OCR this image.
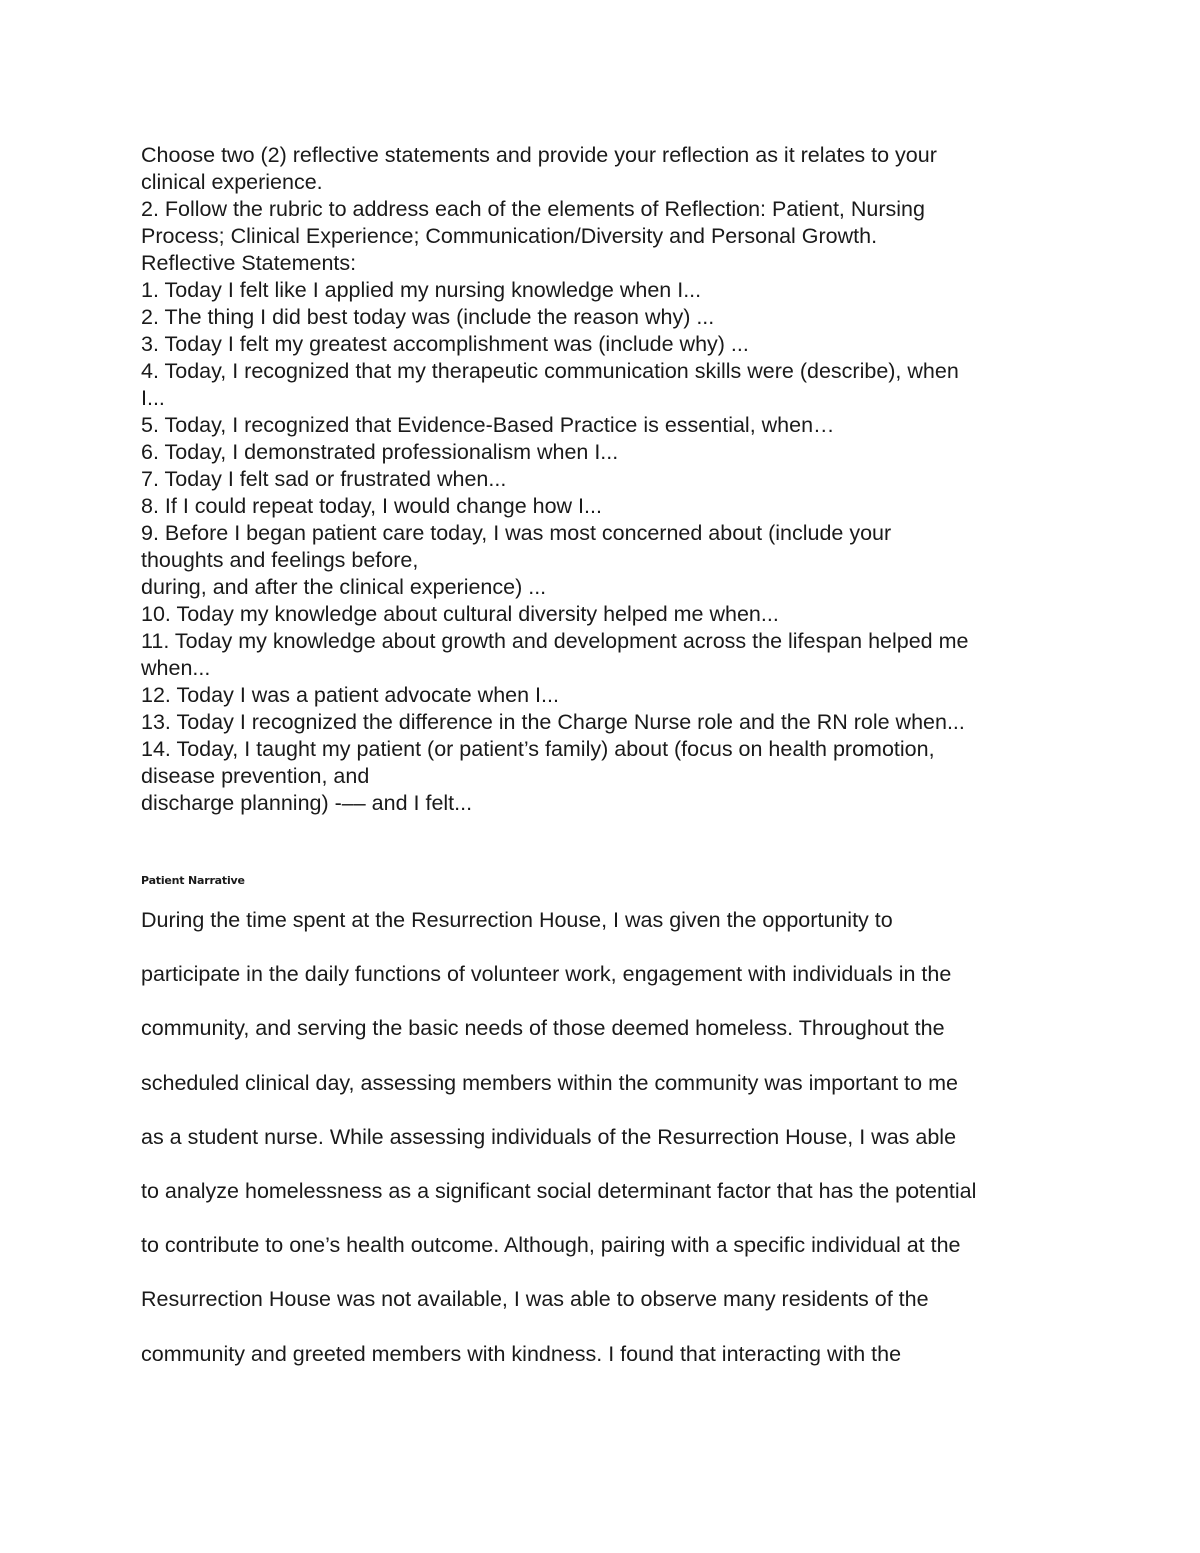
Choose two (2) reflective statements and provide your reflection as it relates to your

clinical experience.

2. Follow the rubric to address each of the elements of Reflection: Patient, Nursing

Process; Clinical Experience; Communication/Diversity and Personal Growth.

Reflective Statements:

1. Today I felt like I applied my nursing knowledge when I...

2. The thing I did best today was (include the reason why) ...

3. Today I felt my greatest accomplishment was (include why) ...

4. Today, I recognized that my therapeutic communication skills were (describe), when

I...

5. Today, I recognized that Evidence-Based Practice is essential, when…

6. Today, I demonstrated professionalism when I...

7. Today I felt sad or frustrated when...

8. If I could repeat today, I would change how I...

9. Before I began patient care today, I was most concerned about (include your

thoughts and feelings before,

during, and after the clinical experience) ...

10. Today my knowledge about cultural diversity helped me when...

11. Today my knowledge about growth and development across the lifespan helped me

when...

12. Today I was a patient advocate when I...

13. Today I recognized the difference in the Charge Nurse role and the RN role when...

14. Today, I taught my patient (or patient’s family) about (focus on health promotion,

disease prevention, and

discharge planning) -–– and I felt...

Patient Narrative

During the time spent at the Resurrection House, I was given the opportunity to

participate in the daily functions of volunteer work, engagement with individuals in the

community, and serving the basic needs of those deemed homeless. Throughout the

scheduled clinical day, assessing members within the community was important to me

as a student nurse. While assessing individuals of the Resurrection House, I was able

to analyze homelessness as a significant social determinant factor that has the potential

to contribute to one’s health outcome. Although, pairing with a specific individual at the

Resurrection House was not available, I was able to observe many residents of the

community and greeted members with kindness. I found that interacting with the
